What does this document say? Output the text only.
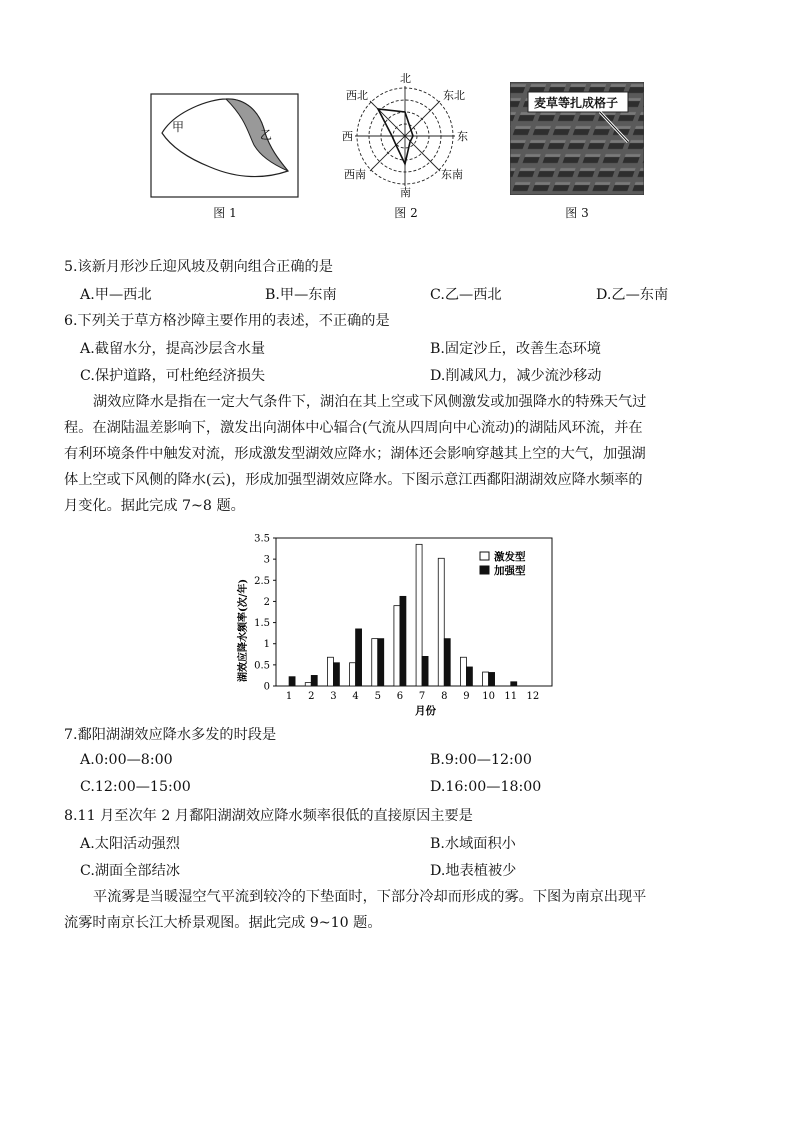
甲
乙
图 1
北
东北
东
东南
南
西南
西
西北
图 2
麦草等扎成格子
图 3
5.该新月形沙丘迎风坡及朝向组合正确的是
A.甲—西北	B.甲—东南	C.乙—西北	D.乙—东南
6.下列关于草方格沙障主要作用的表述，不正确的是
A.截留水分，提高沙层含水量	B.固定沙丘，改善生态环境
C.保护道路，可杜绝经济损失	D.削减风力，减少流沙移动
湖效应降水是指在一定大气条件下，湖泊在其上空或下风侧激发或加强降水的特殊天气过
程。在湖陆温差影响下，激发出向湖体中心辐合(气流从四周向中心流动)的湖陆风环流，并在
有利环境条件中触发对流，形成激发型湖效应降水；湖体还会影响穿越其上空的大气，加强湖
体上空或下风侧的降水(云)，形成加强型湖效应降水。下图示意江西鄱阳湖湖效应降水频率的
月变化。据此完成 7~8 题。
0
0.5
1
1.5
2
2.5
3
3.5
1 2 3 4 5 6 7 8 9 10 11 12
湖效应降水频率(次/年)
月份
激发型
加强型
7.鄱阳湖湖效应降水多发的时段是
A.0:00—8:00	B.9:00—12:00
C.12:00—15:00	D.16:00—18:00
8.11 月至次年 2 月鄱阳湖湖效应降水频率很低的直接原因主要是
A.太阳活动强烈	B.水域面积小
C.湖面全部结冰	D.地表植被少
平流雾是当暖湿空气平流到较冷的下垫面时，下部分冷却而形成的雾。下图为南京出现平
流雾时南京长江大桥景观图。据此完成 9~10 题。
